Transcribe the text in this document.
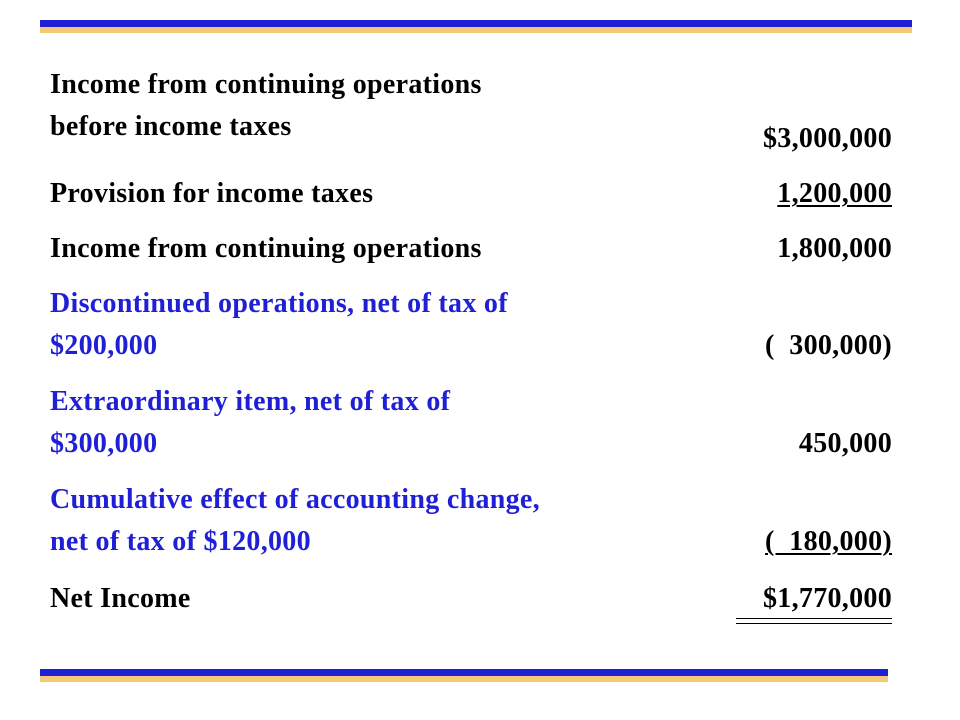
Income from continuing operations
before income taxes	$3,000,000
Provision for income taxes	1,200,000
Income from continuing operations	1,800,000
Discontinued operations, net of tax of
$200,000	(  300,000)
Extraordinary item, net of tax of
$300,000	450,000
Cumulative effect of accounting change,
net of tax of $120,000	(  180,000)
Net Income	$1,770,000
